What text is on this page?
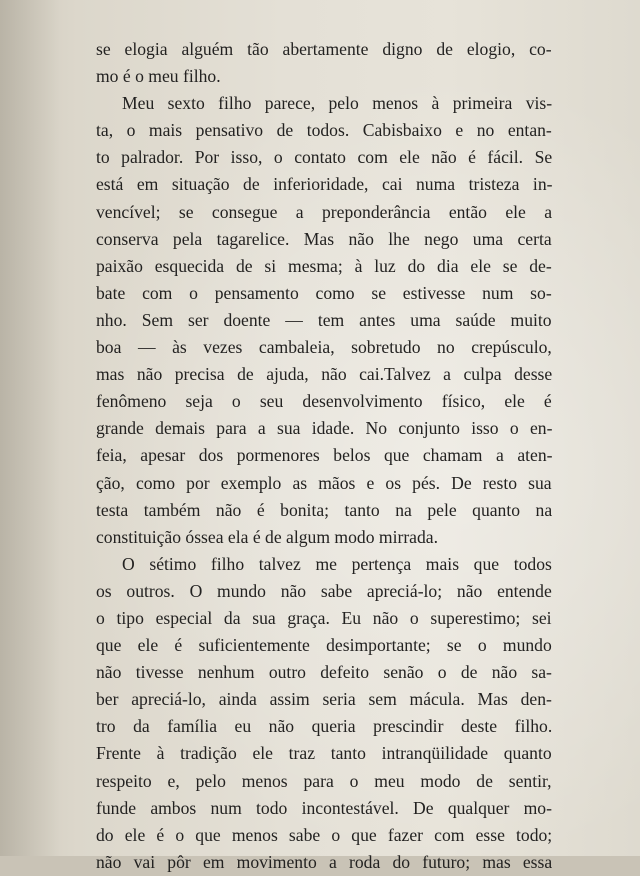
se elogia alguém tão abertamente digno de elogio, co-
mo é o meu filho.
Meu sexto filho parece, pelo menos à primeira vis-
ta, o mais pensativo de todos. Cabisbaixo e no entan-
to palrador. Por isso, o contato com ele não é fácil. Se
está em situação de inferioridade, cai numa tristeza in-
vencível; se consegue a preponderância então ele a
conserva pela tagarelice. Mas não lhe nego uma certa
paixão esquecida de si mesma; à luz do dia ele se de-
bate com o pensamento como se estivesse num so-
nho. Sem ser doente — tem antes uma saúde muito
boa — às vezes cambaleia, sobretudo no crepúsculo,
mas não precisa de ajuda, não cai.Talvez a culpa desse
fenômeno seja o seu desenvolvimento físico, ele é
grande demais para a sua idade. No conjunto isso o en-
feia, apesar dos pormenores belos que chamam a aten-
ção, como por exemplo as mãos e os pés. De resto sua
testa também não é bonita; tanto na pele quanto na
constituição óssea ela é de algum modo mirrada.
O sétimo filho talvez me pertença mais que todos
os outros. O mundo não sabe apreciá-lo; não entende
o tipo especial da sua graça. Eu não o superestimo; sei
que ele é suficientemente desimportante; se o mundo
não tivesse nenhum outro defeito senão o de não sa-
ber apreciá-lo, ainda assim seria sem mácula. Mas den-
tro da família eu não queria prescindir deste filho.
Frente à tradição ele traz tanto intranqüilidade quanto
respeito e, pelo menos para o meu modo de sentir,
funde ambos num todo incontestável. De qualquer mo-
do ele é o que menos sabe o que fazer com esse todo;
não vai pôr em movimento a roda do futuro; mas essa
